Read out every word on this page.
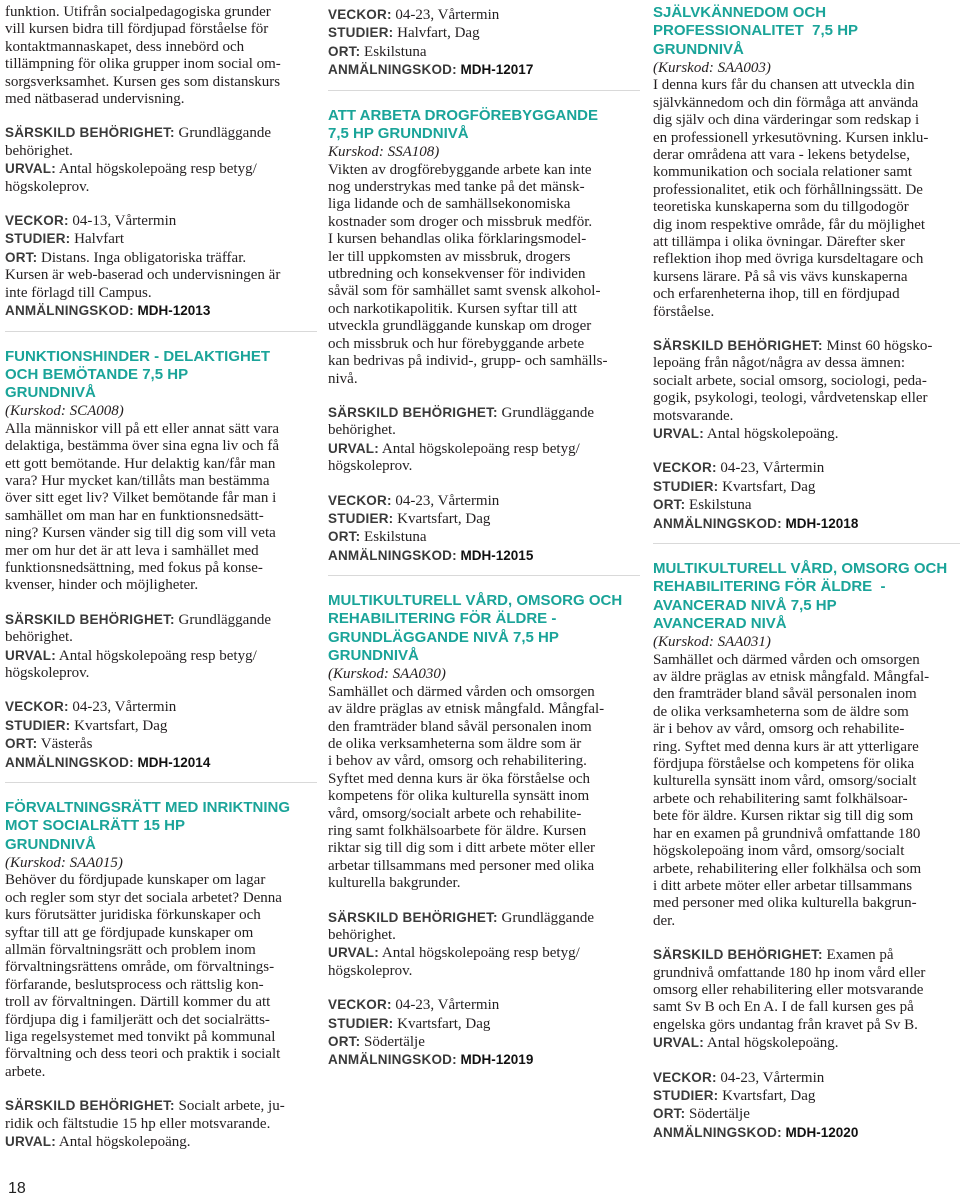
funktion. Utifrån socialpedagogiska grunder
vill kursen bidra till fördjupad förståelse för
kontaktmannaskapet, dess innebörd och
tillämpning för olika grupper inom social om-
sorgsverksamhet. Kursen ges som distanskurs
med nätbaserad undervisning.
SÄRSKILD BEHÖRIGHET: Grundläggande
behörighet.
URVAL: Antal högskolepoäng resp betyg/
högskoleprov.
VECKOR: 04-13, Vårtermin
STUDIER: Halvfart
ORT: Distans. Inga obligatoriska träffar.
Kursen är web-baserad och undervisningen är
inte förlagd till Campus.
ANMÄLNINGSKOD: MDH-12013
FUNKTIONSHINDER - DELAKTIGHET
OCH BEMÖTANDE 7,5 HP
GRUNDNIVÅ
(Kurskod: SCA008)
Alla människor vill på ett eller annat sätt vara
delaktiga, bestämma över sina egna liv och få
ett gott bemötande. Hur delaktig kan/får man
vara? Hur mycket kan/tillåts man bestämma
över sitt eget liv? Vilket bemötande får man i
samhället om man har en funktionsnedsätt-
ning? Kursen vänder sig till dig som vill veta
mer om hur det är att leva i samhället med
funktionsnedsättning, med fokus på konse-
kvenser, hinder och möjligheter.
SÄRSKILD BEHÖRIGHET: Grundläggande
behörighet.
URVAL: Antal högskolepoäng resp betyg/
högskoleprov.
VECKOR: 04-23, Vårtermin
STUDIER: Kvartsfart, Dag
ORT: Västerås
ANMÄLNINGSKOD: MDH-12014
FÖRVALTNINGSRÄTT MED INRIKTNING
MOT SOCIALRÄTT 15 HP
GRUNDNIVÅ
(Kurskod: SAA015)
Behöver du fördjupade kunskaper om lagar
och regler som styr det sociala arbetet? Denna
kurs förutsätter juridiska förkunskaper och
syftar till att ge fördjupade kunskaper om
allmän förvaltningsrätt och problem inom
förvaltningsrättens område, om förvaltnings-
förfarande, beslutsprocess och rättslig kon-
troll av förvaltningen. Därtill kommer du att
fördjupa dig i familjerätt och det socialrätts-
liga regelsystemet med tonvikt på kommunal
förvaltning och dess teori och praktik i socialt
arbete.
SÄRSKILD BEHÖRIGHET: Socialt arbete, ju-
ridik och fältstudie 15 hp eller motsvarande.
URVAL: Antal högskolepoäng.
VECKOR: 04-23, Vårtermin
STUDIER: Halvfart, Dag
ORT: Eskilstuna
ANMÄLNINGSKOD: MDH-12017
ATT ARBETA DROGFÖREBYGGANDE
7,5 HP GRUNDNIVÅ
Kurskod: SSA108)
Vikten av drogförebyggande arbete kan inte
nog understrykas med tanke på det mänsk-
liga lidande och de samhällsekonomiska
kostnader som droger och missbruk medför.
I kursen behandlas olika förklaringsmodel-
ler till uppkomsten av missbruk, drogers
utbredning och konsekvenser för individen
såväl som för samhället samt svensk alkohol-
och narkotikapolitik. Kursen syftar till att
utveckla grundläggande kunskap om droger
och missbruk och hur förebyggande arbete
kan bedrivas på individ-, grupp- och samhälls-
nivå.
SÄRSKILD BEHÖRIGHET: Grundläggande
behörighet.
URVAL: Antal högskolepoäng resp betyg/
högskoleprov.
VECKOR: 04-23, Vårtermin
STUDIER: Kvartsfart, Dag
ORT: Eskilstuna
ANMÄLNINGSKOD: MDH-12015
MULTIKULTURELL VÅRD, OMSORG OCH
REHABILITERING FÖR ÄLDRE -
GRUNDLÄGGANDE NIVÅ 7,5 HP
GRUNDNIVÅ
(Kurskod: SAA030)
Samhället och därmed vården och omsorgen
av äldre präglas av etnisk mångfald. Mångfal-
den framträder bland såväl personalen inom
de olika verksamheterna som äldre som är
i behov av vård, omsorg och rehabilitering.
Syftet med denna kurs är öka förståelse och
kompetens för olika kulturella synsätt inom
vård, omsorg/socialt arbete och rehabilite-
ring samt folkhälsoarbete för äldre. Kursen
riktar sig till dig som i ditt arbete möter eller
arbetar tillsammans med personer med olika
kulturella bakgrunder.
SÄRSKILD BEHÖRIGHET: Grundläggande
behörighet.
URVAL: Antal högskolepoäng resp betyg/
högskoleprov.
VECKOR: 04-23, Vårtermin
STUDIER: Kvartsfart, Dag
ORT: Södertälje
ANMÄLNINGSKOD: MDH-12019
SJÄLVKÄNNEDOM OCH
PROFESSIONALITET  7,5 HP
GRUNDNIVÅ
(Kurskod: SAA003)
I denna kurs får du chansen att utveckla din
självkännedom och din förmåga att använda
dig själv och dina värderingar som redskap i
en professionell yrkesutövning. Kursen inklu-
derar områdena att vara - lekens betydelse,
kommunikation och sociala relationer samt
professionalitet, etik och förhållningssätt. De
teoretiska kunskaperna som du tillgodogör
dig inom respektive område, får du möjlighet
att tillämpa i olika övningar. Därefter sker
reflektion ihop med övriga kursdeltagare och
kursens lärare. På så vis vävs kunskaperna
och erfarenheterna ihop, till en fördjupad
förståelse.
SÄRSKILD BEHÖRIGHET: Minst 60 högsko-
lepoäng från något/några av dessa ämnen:
socialt arbete, social omsorg, sociologi, peda-
gogik, psykologi, teologi, vårdvetenskap eller
motsvarande.
URVAL: Antal högskolepoäng.
VECKOR: 04-23, Vårtermin
STUDIER: Kvartsfart, Dag
ORT: Eskilstuna
ANMÄLNINGSKOD: MDH-12018
MULTIKULTURELL VÅRD, OMSORG OCH
REHABILITERING FÖR ÄLDRE  -
AVANCERAD NIVÅ 7,5 HP
AVANCERAD NIVÅ
(Kurskod: SAA031)
Samhället och därmed vården och omsorgen
av äldre präglas av etnisk mångfald. Mångfal-
den framträder bland såväl personalen inom
de olika verksamheterna som de äldre som
är i behov av vård, omsorg och rehabilite-
ring. Syftet med denna kurs är att ytterligare
fördjupa förståelse och kompetens för olika
kulturella synsätt inom vård, omsorg/socialt
arbete och rehabilitering samt folkhälsoar-
bete för äldre. Kursen riktar sig till dig som
har en examen på grundnivå omfattande 180
högskolepoäng inom vård, omsorg/socialt
arbete, rehabilitering eller folkhälsa och som
i ditt arbete möter eller arbetar tillsammans
med personer med olika kulturella bakgrun-
der.
SÄRSKILD BEHÖRIGHET: Examen på
grundnivå omfattande 180 hp inom vård eller
omsorg eller rehabilitering eller motsvarande
samt Sv B och En A. I de fall kursen ges på
engelska görs undantag från kravet på Sv B.
URVAL: Antal högskolepoäng.
VECKOR: 04-23, Vårtermin
STUDIER: Kvartsfart, Dag
ORT: Södertälje
ANMÄLNINGSKOD: MDH-12020
18
